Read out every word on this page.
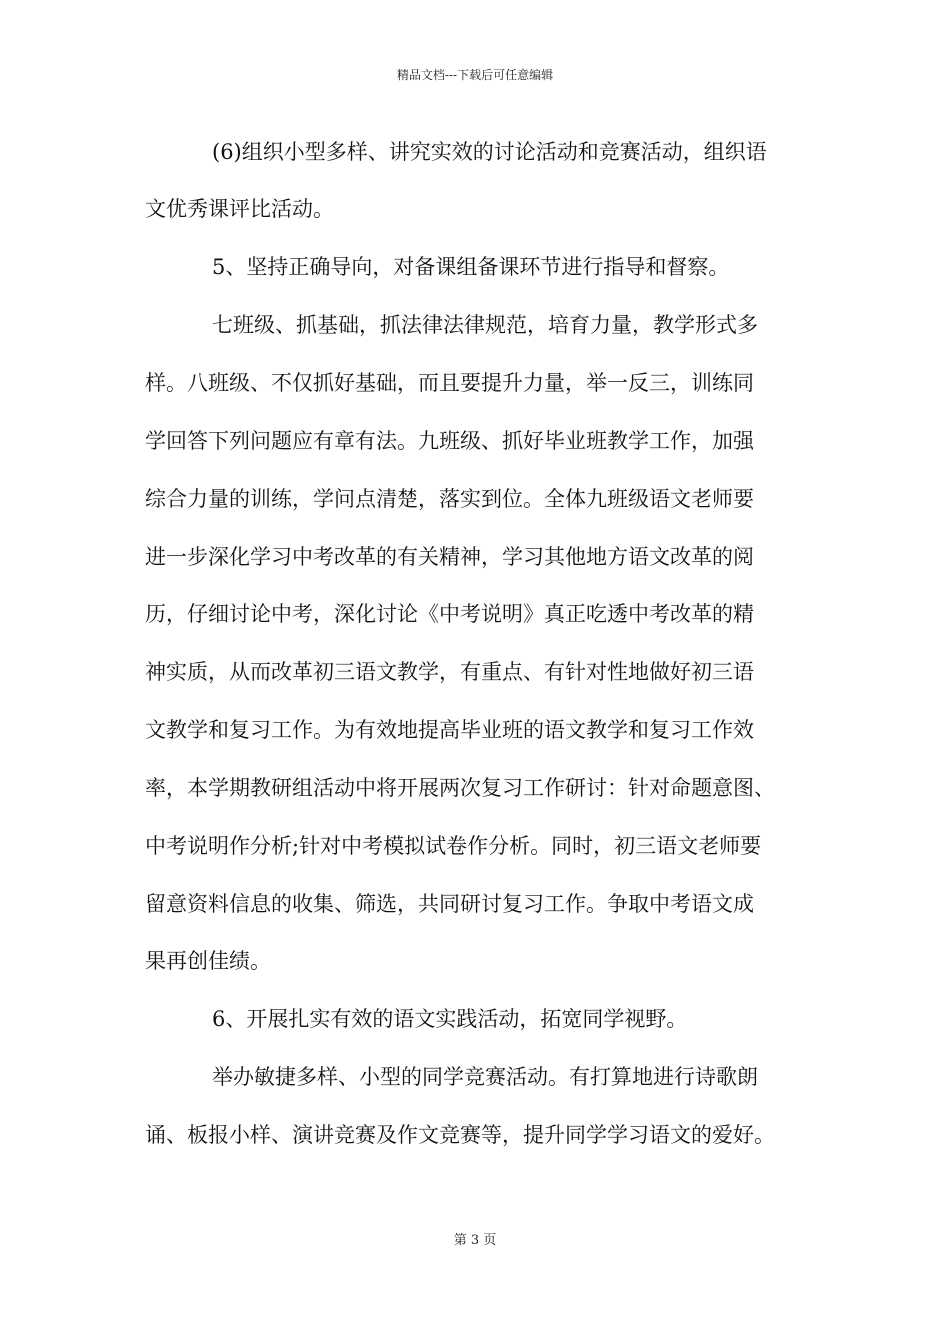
精品文档---下载后可任意编辑
(6)组织小型多样、讲究实效的讨论活动和竞赛活动，组织语
文优秀课评比活动。
5、坚持正确导向，对备课组备课环节进行指导和督察。
七班级、抓基础，抓法律法律规范，培育力量，教学形式多
样。八班级、不仅抓好基础，而且要提升力量，举一反三，训练同
学回答下列问题应有章有法。九班级、抓好毕业班教学工作，加强
综合力量的训练，学问点清楚，落实到位。全体九班级语文老师要
进一步深化学习中考改革的有关精神，学习其他地方语文改革的阅
历，仔细讨论中考，深化讨论《中考说明》真正吃透中考改革的精
神实质，从而改革初三语文教学，有重点、有针对性地做好初三语
文教学和复习工作。为有效地提高毕业班的语文教学和复习工作效
率，本学期教研组活动中将开展两次复习工作研讨：针对命题意图、
中考说明作分析;针对中考模拟试卷作分析。同时，初三语文老师要
留意资料信息的收集、筛选，共同研讨复习工作。争取中考语文成
果再创佳绩。
6、开展扎实有效的语文实践活动，拓宽同学视野。
举办敏捷多样、小型的同学竞赛活动。有打算地进行诗歌朗
诵、板报小样、演讲竞赛及作文竞赛等，提升同学学习语文的爱好。
第 3 页
